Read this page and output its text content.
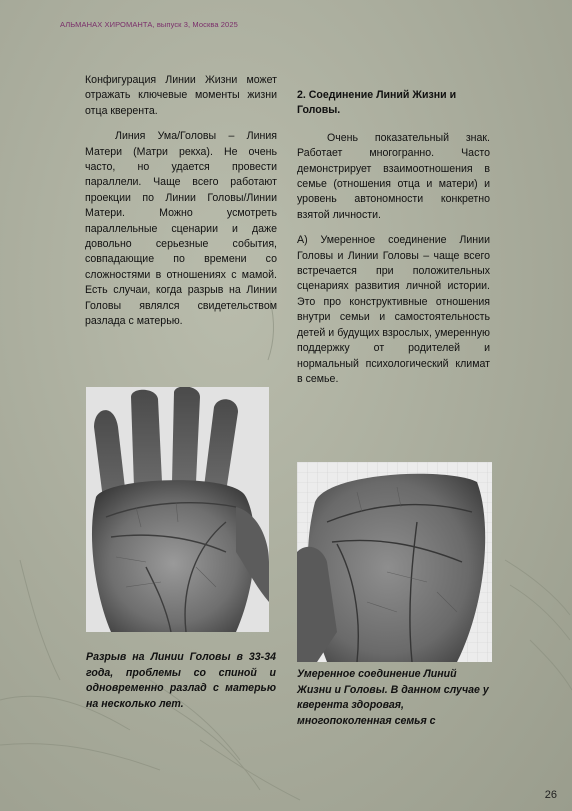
АЛЬМАНАХ ХИРОМАНТА, выпуск 3, Москва 2025

Конфигурация Линии Жизни может отражать ключевые моменты жизни отца кверента.

Линия Ума/Головы – Линия Матери (Матри рекха). Не очень часто, но удается провести параллели. Чаще всего работают проекции по Линии Головы/Линии Матери. Можно усмотреть параллельные сценарии и даже довольно серьезные события, совпадающие по времени со сложностями в отношениях с мамой. Есть случаи, когда разрыв на Линии Головы являлся свидетельством разлада с матерью.

2. Соединение Линий Жизни и Головы.

Очень показательный знак. Работает многогранно. Часто демонстрирует взаимоотношения в семье (отношения отца и матери) и уровень автономности конкретно взятой личности.

А) Умеренное соединение Линии Головы и Линии Головы – чаще всего встречается при положительных сценариях развития личной истории. Это про конструктивные отношения внутри семьи и самостоятельность детей и будущих взрослых, умеренную поддержку от родителей и нормальный психологический климат в семье.

Разрыв на Линии Головы в 33-34 года, проблемы со спиной и одновременно разлад с матерью на несколько лет.
Умеренное соединение Линий Жизни и Головы. В данном случае у кверента здоровая, многопоколенная семья с
26
